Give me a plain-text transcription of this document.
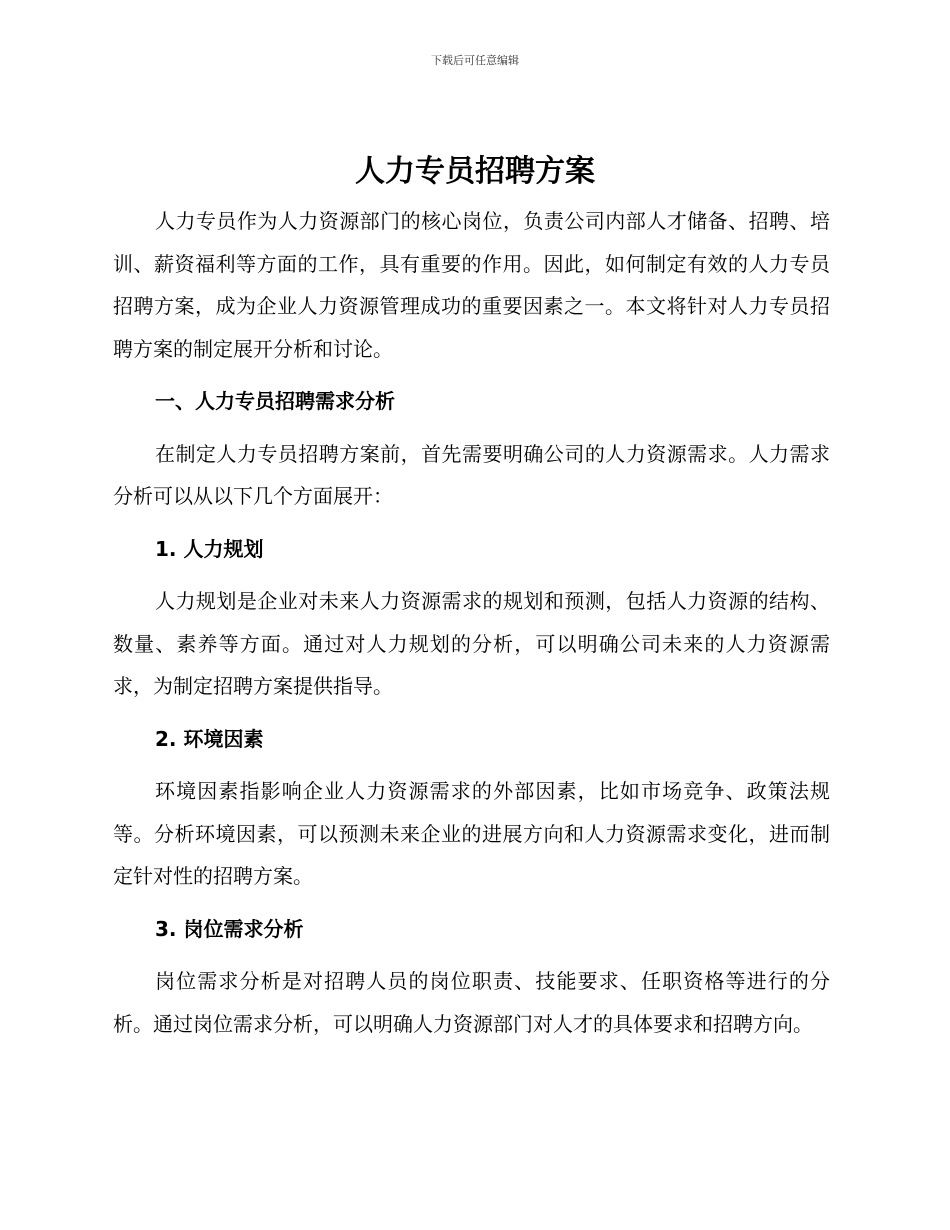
下载后可任意编辑
人力专员招聘方案

人力专员作为人力资源部门的核心岗位，负责公司内部人才储备、招聘、培训、薪资福利等方面的工作，具有重要的作用。因此，如何制定有效的人力专员招聘方案，成为企业人力资源管理成功的重要因素之一。本文将针对人力专员招聘方案的制定展开分析和讨论。

一、人力专员招聘需求分析

在制定人力专员招聘方案前，首先需要明确公司的人力资源需求。人力需求分析可以从以下几个方面展开：

1. 人力规划

人力规划是企业对未来人力资源需求的规划和预测，包括人力资源的结构、数量、素养等方面。通过对人力规划的分析，可以明确公司未来的人力资源需求，为制定招聘方案提供指导。

2. 环境因素

环境因素指影响企业人力资源需求的外部因素，比如市场竞争、政策法规等。分析环境因素，可以预测未来企业的进展方向和人力资源需求变化，进而制定针对性的招聘方案。

3. 岗位需求分析

岗位需求分析是对招聘人员的岗位职责、技能要求、任职资格等进行的分析。通过岗位需求分析，可以明确人力资源部门对人才的具体要求和招聘方向。
